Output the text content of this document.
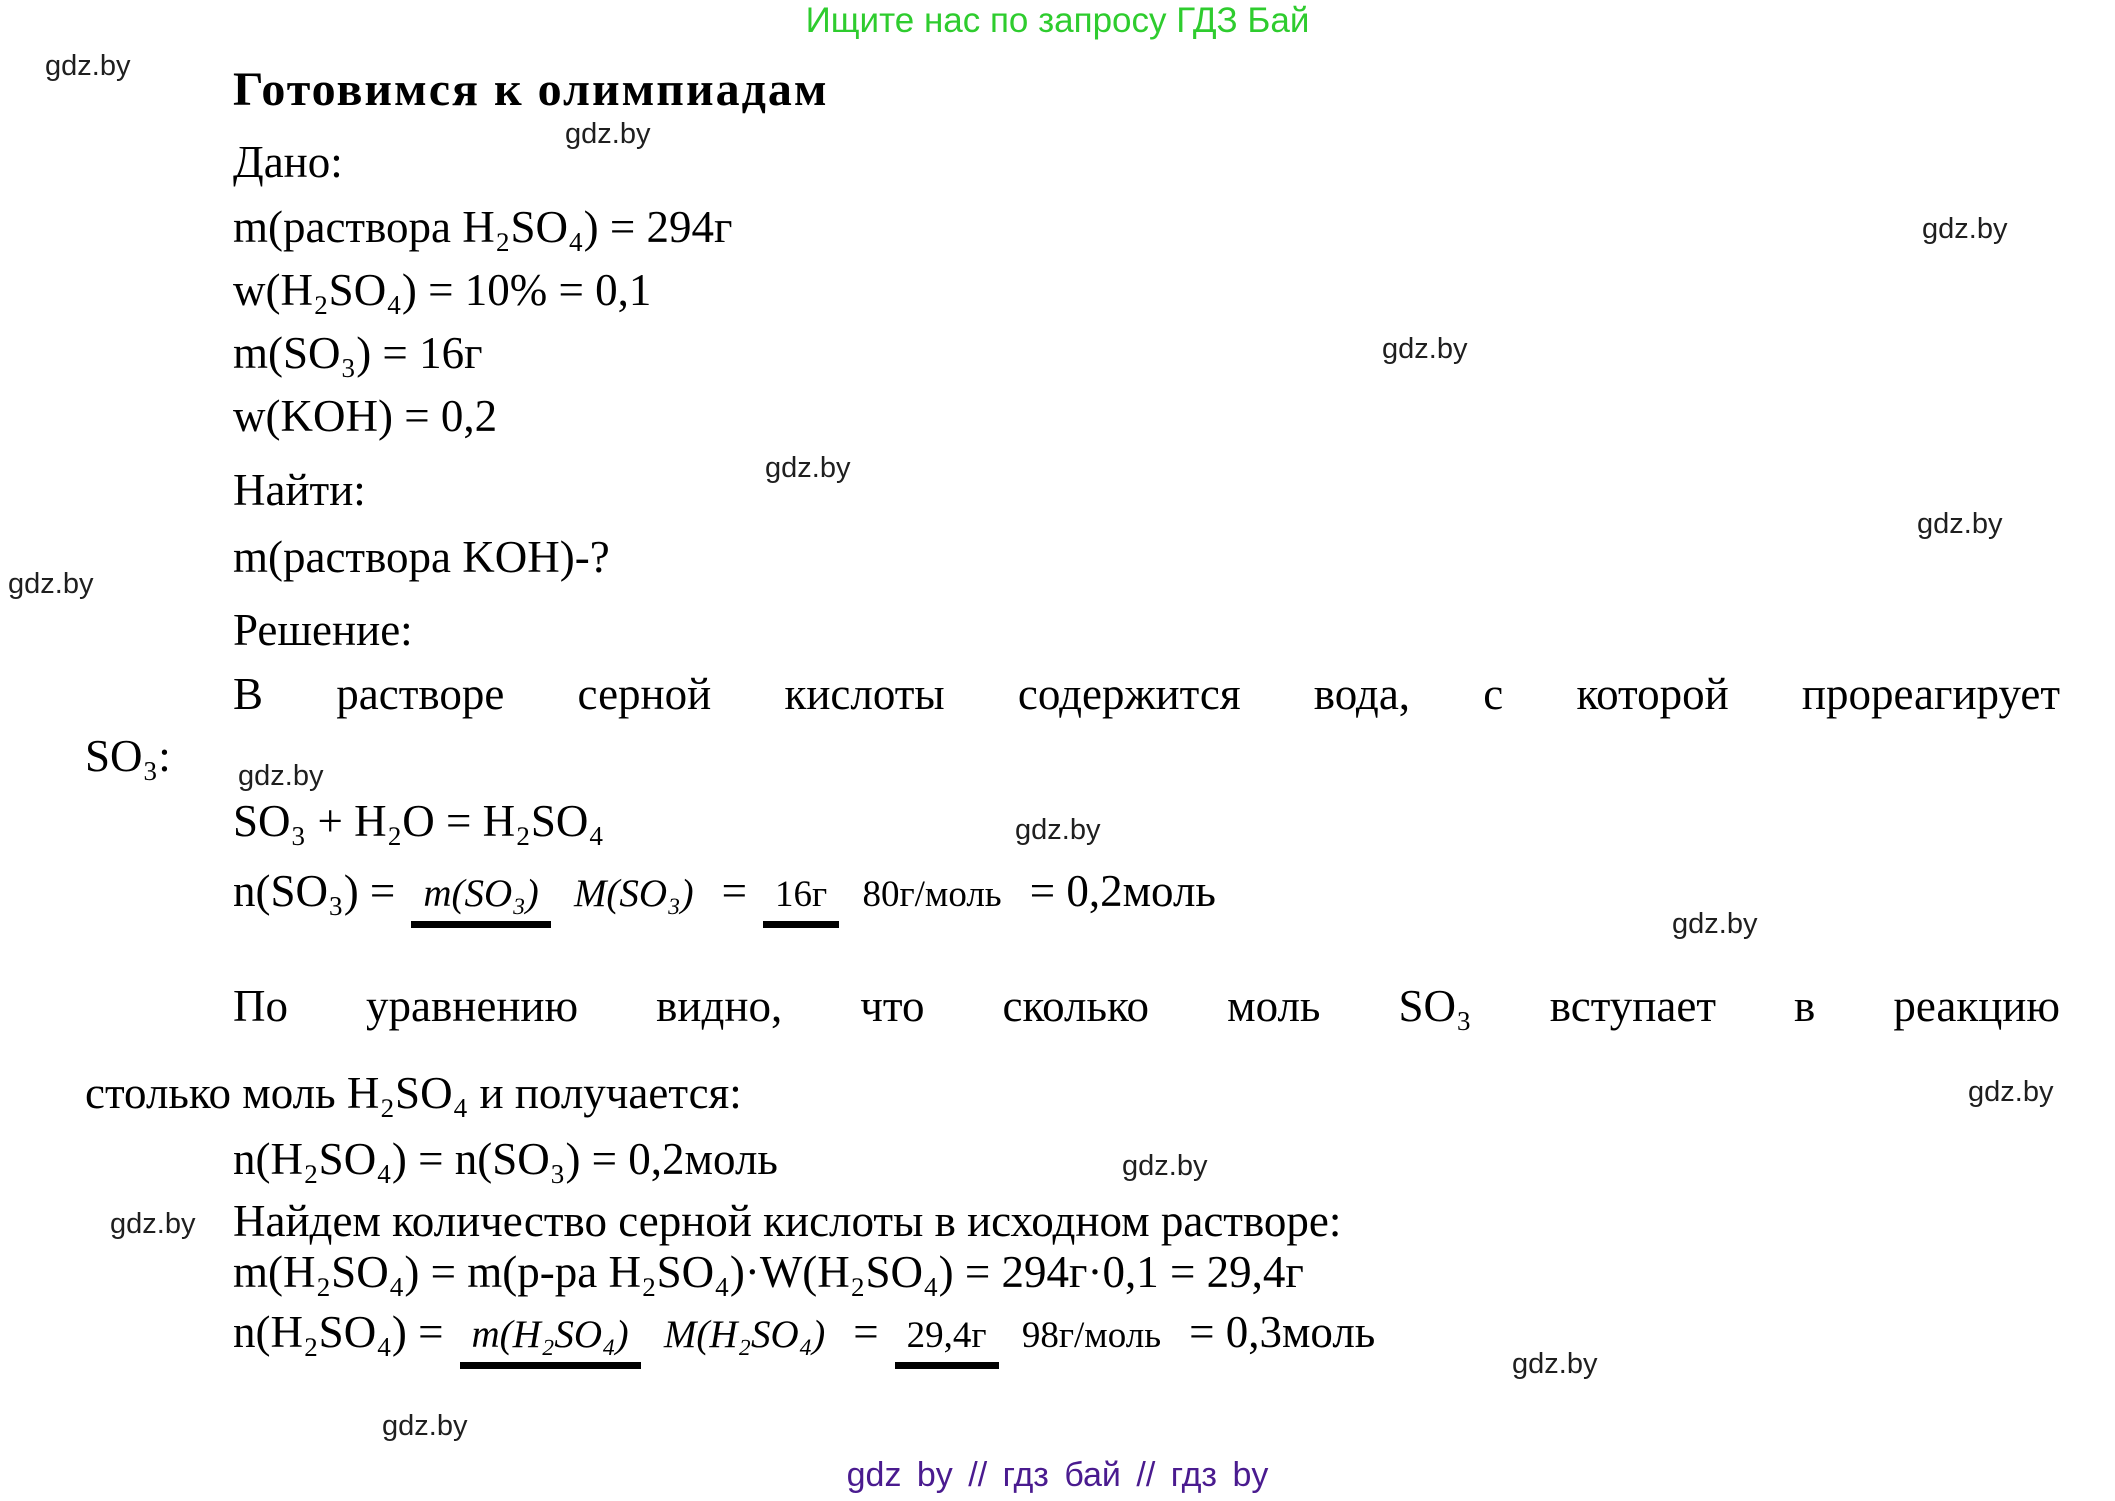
Ищите нас по запросу ГДЗ Бай
gdz.by
gdz.by
gdz.by
gdz.by
gdz.by
gdz.by
gdz.by
gdz.by
gdz.by
gdz.by
gdz.by
gdz.by
gdz.by
gdz.by
gdz.by
Готовимся к олимпиадам
Дано:
m(раствора H₂SO₄) = 294г
w(H₂SO₄) = 10% = 0,1
m(SO₃) = 16г
w(KOH) = 0,2
Найти:
m(раствора KOH)-?
Решение:
В растворе серной кислоты содержится вода, с которой прореагирует
SO₃:
SO₃ + H₂O = H₂SO₄
n(SO₃) = m(SO₃) M(SO₃) = 16г 80г/моль = 0,2моль
По уравнению видно, что сколько моль SO₃ вступает в реакцию
столько моль H₂SO₄ и получается:
n(H₂SO₄) = n(SO₃) = 0,2моль
Найдем количество серной кислоты в исходном растворе:
m(H₂SO₄) = m(р-ра H₂SO₄)·W(H₂SO₄) = 294г·0,1 = 29,4г
n(H₂SO₄) = m(H₂SO₄) M(H₂SO₄) = 29,4г 98г/моль = 0,3моль
gdz by // гдз бай // гдз by
